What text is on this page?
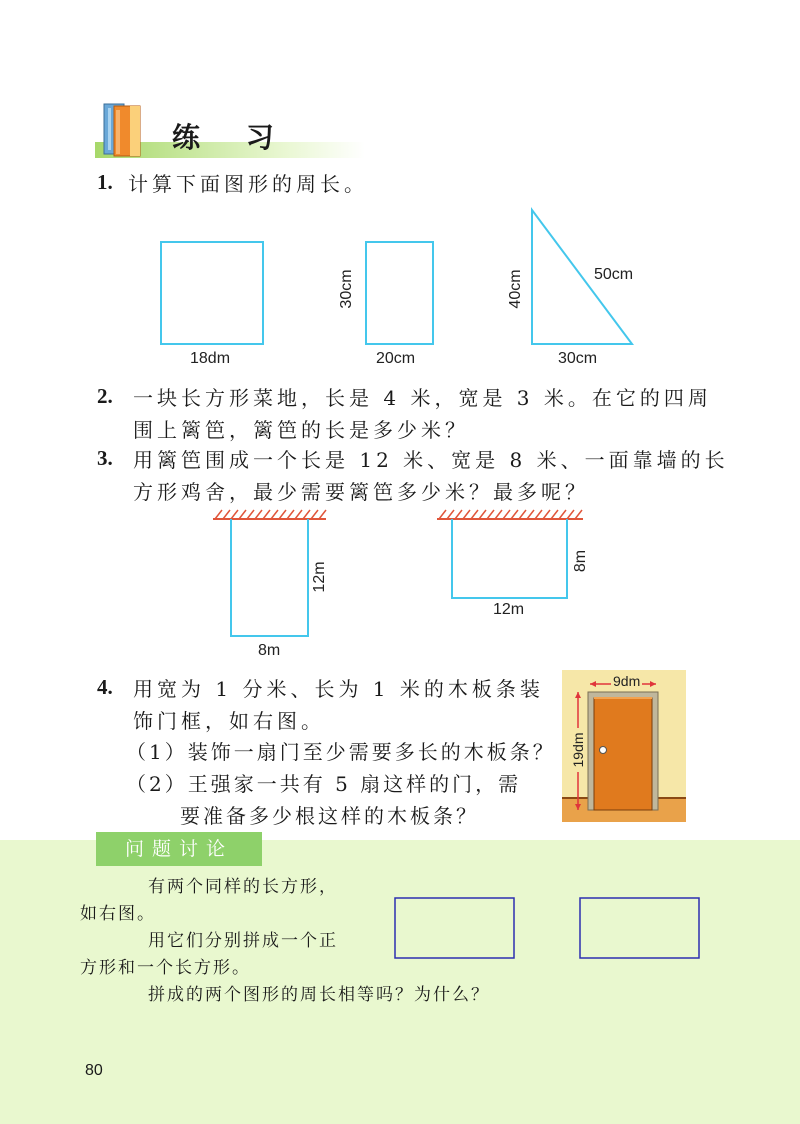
练 习
1. 计算下面图形的周长。
18dm
30cm
20cm
40cm	50cm
30cm
2. 一块长方形菜地，长是 4 米，宽是 3 米。在它的四周
围上篱笆，篱笆的长是多少米？
3. 用篱笆围成一个长是 12 米、宽是 8 米、一面靠墙的长
方形鸡舍，最少需要篱笆多少米？最多呢？
12m
8m
8m
12m
4. 用宽为 1 分米、长为 1 米的木板条装
饰门框，如右图。
（1）装饰一扇门至少需要多长的木板条？
（2）王强家一共有 5 扇这样的门，需
要准备多少根这样的木板条？
9dm
19dm
问题讨论
有两个同样的长方形，
如右图。
用它们分别拼成一个正
方形和一个长方形。
拼成的两个图形的周长相等吗？为什么？
80
